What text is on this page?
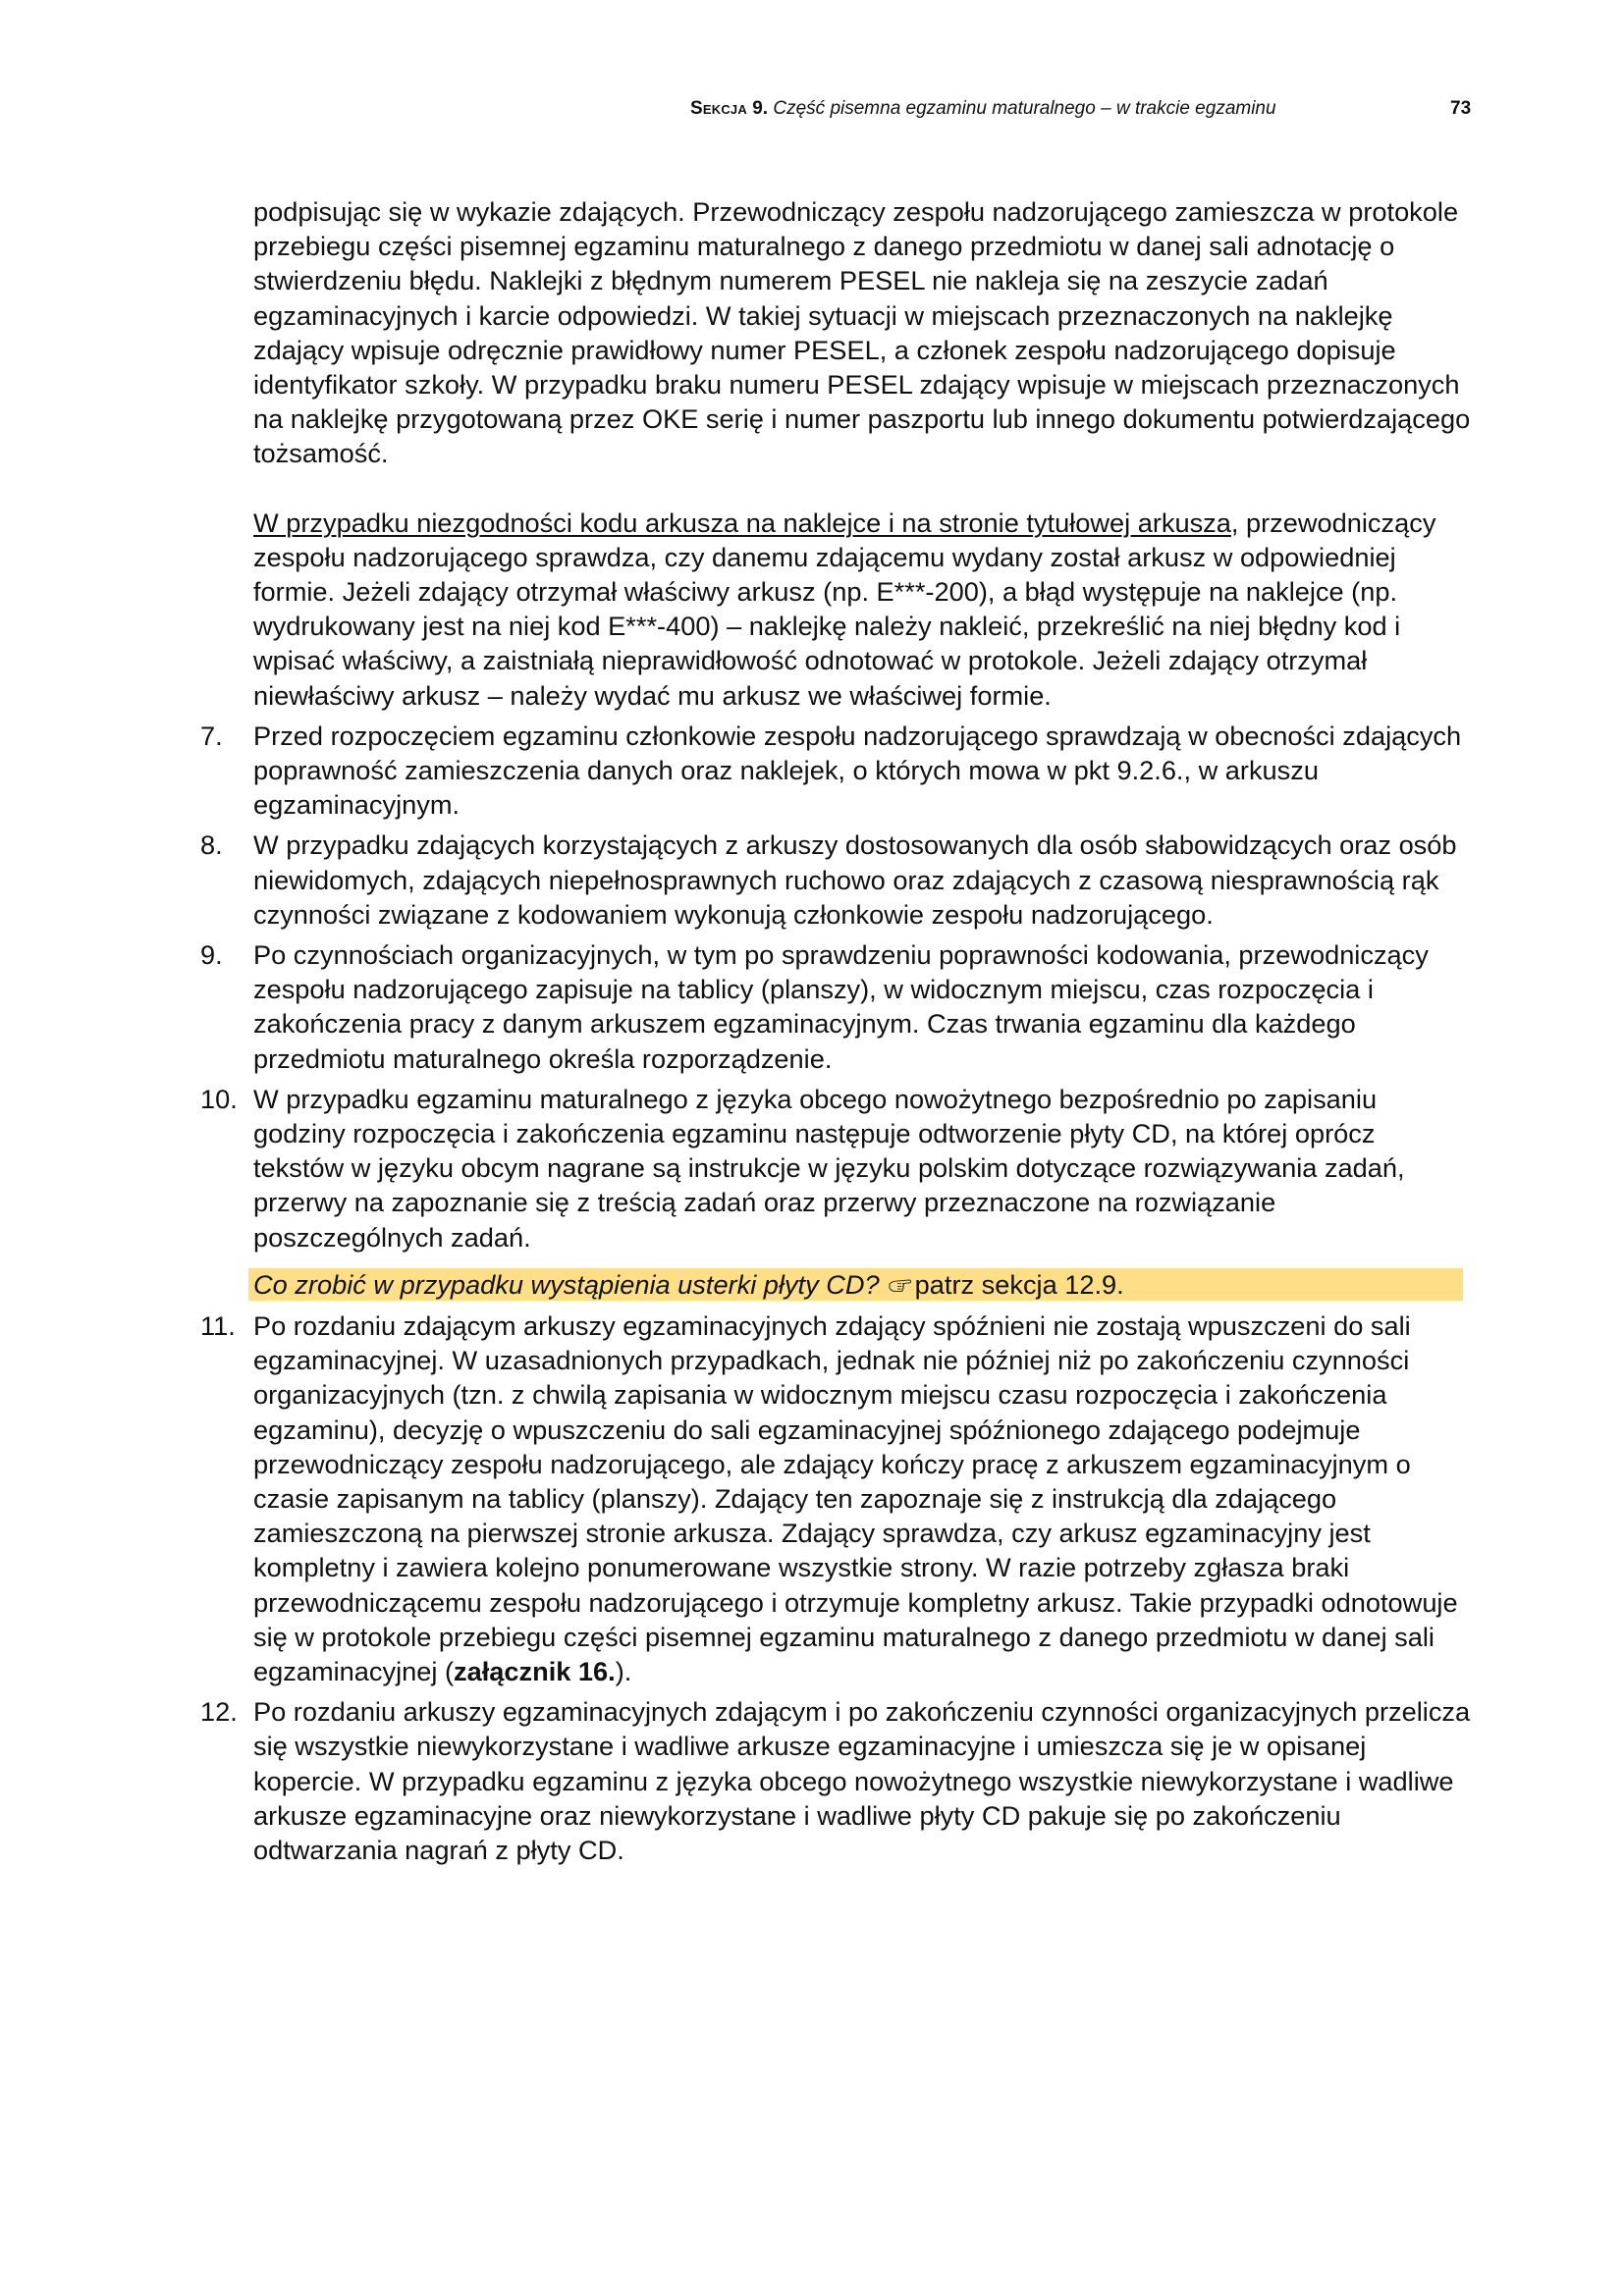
Sekcja 9. Część pisemna egzaminu maturalnego – w trakcie egzaminu	73

podpisując się w wykazie zdających. Przewodniczący zespołu nadzorującego zamieszcza w protokole przebiegu części pisemnej egzaminu maturalnego z danego przedmiotu w danej sali adnotację o stwierdzeniu błędu. Naklejki z błędnym numerem PESEL nie nakleja się na zeszycie zadań egzaminacyjnych i karcie odpowiedzi. W takiej sytuacji w miejscach przeznaczonych na naklejkę zdający wpisuje odręcznie prawidłowy numer PESEL, a członek zespołu nadzorującego dopisuje identyfikator szkoły. W przypadku braku numeru PESEL zdający wpisuje w miejscach przeznaczonych na naklejkę przygotowaną przez OKE serię i numer paszportu lub innego dokumentu potwierdzającego tożsamość.

W przypadku niezgodności kodu arkusza na naklejce i na stronie tytułowej arkusza, przewodniczący zespołu nadzorującego sprawdza, czy danemu zdającemu wydany został arkusz w odpowiedniej formie. Jeżeli zdający otrzymał właściwy arkusz (np. E***-200), a błąd występuje na naklejce (np. wydrukowany jest na niej kod E***-400) – naklejkę należy nakleić, przekreślić na niej błędny kod i wpisać właściwy, a zaistniałą nieprawidłowość odnotować w protokole. Jeżeli zdający otrzymał niewłaściwy arkusz – należy wydać mu arkusz we właściwej formie.

7.	Przed rozpoczęciem egzaminu członkowie zespołu nadzorującego sprawdzają w obecności zdających poprawność zamieszczenia danych oraz naklejek, o których mowa w pkt 9.2.6., w arkuszu egzaminacyjnym.
8.	W przypadku zdających korzystających z arkuszy dostosowanych dla osób słabowidzących oraz osób niewidomych, zdających niepełnosprawnych ruchowo oraz zdających z czasową niesprawnością rąk czynności związane z kodowaniem wykonują członkowie zespołu nadzorującego.
9.	Po czynnościach organizacyjnych, w tym po sprawdzeniu poprawności kodowania, przewodniczący zespołu nadzorującego zapisuje na tablicy (planszy), w widocznym miejscu, czas rozpoczęcia i zakończenia pracy z danym arkuszem egzaminacyjnym. Czas trwania egzaminu dla każdego przedmiotu maturalnego określa rozporządzenie.
10. W przypadku egzaminu maturalnego z języka obcego nowożytnego bezpośrednio po zapisaniu godziny rozpoczęcia i zakończenia egzaminu następuje odtworzenie płyty CD, na której oprócz tekstów w języku obcym nagrane są instrukcje w języku polskim dotyczące rozwiązywania zadań, przerwy na zapoznanie się z treścią zadań oraz przerwy przeznaczone na rozwiązanie poszczególnych zadań.
Co zrobić w przypadku wystąpienia usterki płyty CD? patrz sekcja 12.9.
11. Po rozdaniu zdającym arkuszy egzaminacyjnych zdający spóźnieni nie zostają wpuszczeni do sali egzaminacyjnej. W uzasadnionych przypadkach, jednak nie później niż po zakończeniu czynności organizacyjnych (tzn. z chwilą zapisania w widocznym miejscu czasu rozpoczęcia i zakończenia egzaminu), decyzję o wpuszczeniu do sali egzaminacyjnej spóźnionego zdającego podejmuje przewodniczący zespołu nadzorującego, ale zdający kończy pracę z arkuszem egzaminacyjnym o czasie zapisanym na tablicy (planszy). Zdający ten zapoznaje się z instrukcją dla zdającego zamieszczoną na pierwszej stronie arkusza. Zdający sprawdza, czy arkusz egzaminacyjny jest kompletny i zawiera kolejno ponumerowane wszystkie strony. W razie potrzeby zgłasza braki przewodniczącemu zespołu nadzorującego i otrzymuje kompletny arkusz. Takie przypadki odnotowuje się w protokole przebiegu części pisemnej egzaminu maturalnego z danego przedmiotu w danej sali egzaminacyjnej (załącznik 16.).
12. Po rozdaniu arkuszy egzaminacyjnych zdającym i po zakończeniu czynności organizacyjnych przelicza się wszystkie niewykorzystane i wadliwe arkusze egzaminacyjne i umieszcza się je w opisanej kopercie. W przypadku egzaminu z języka obcego nowożytnego wszystkie niewykorzystane i wadliwe arkusze egzaminacyjne oraz niewykorzystane i wadliwe płyty CD pakuje się po zakończeniu odtwarzania nagrań z płyty CD.
